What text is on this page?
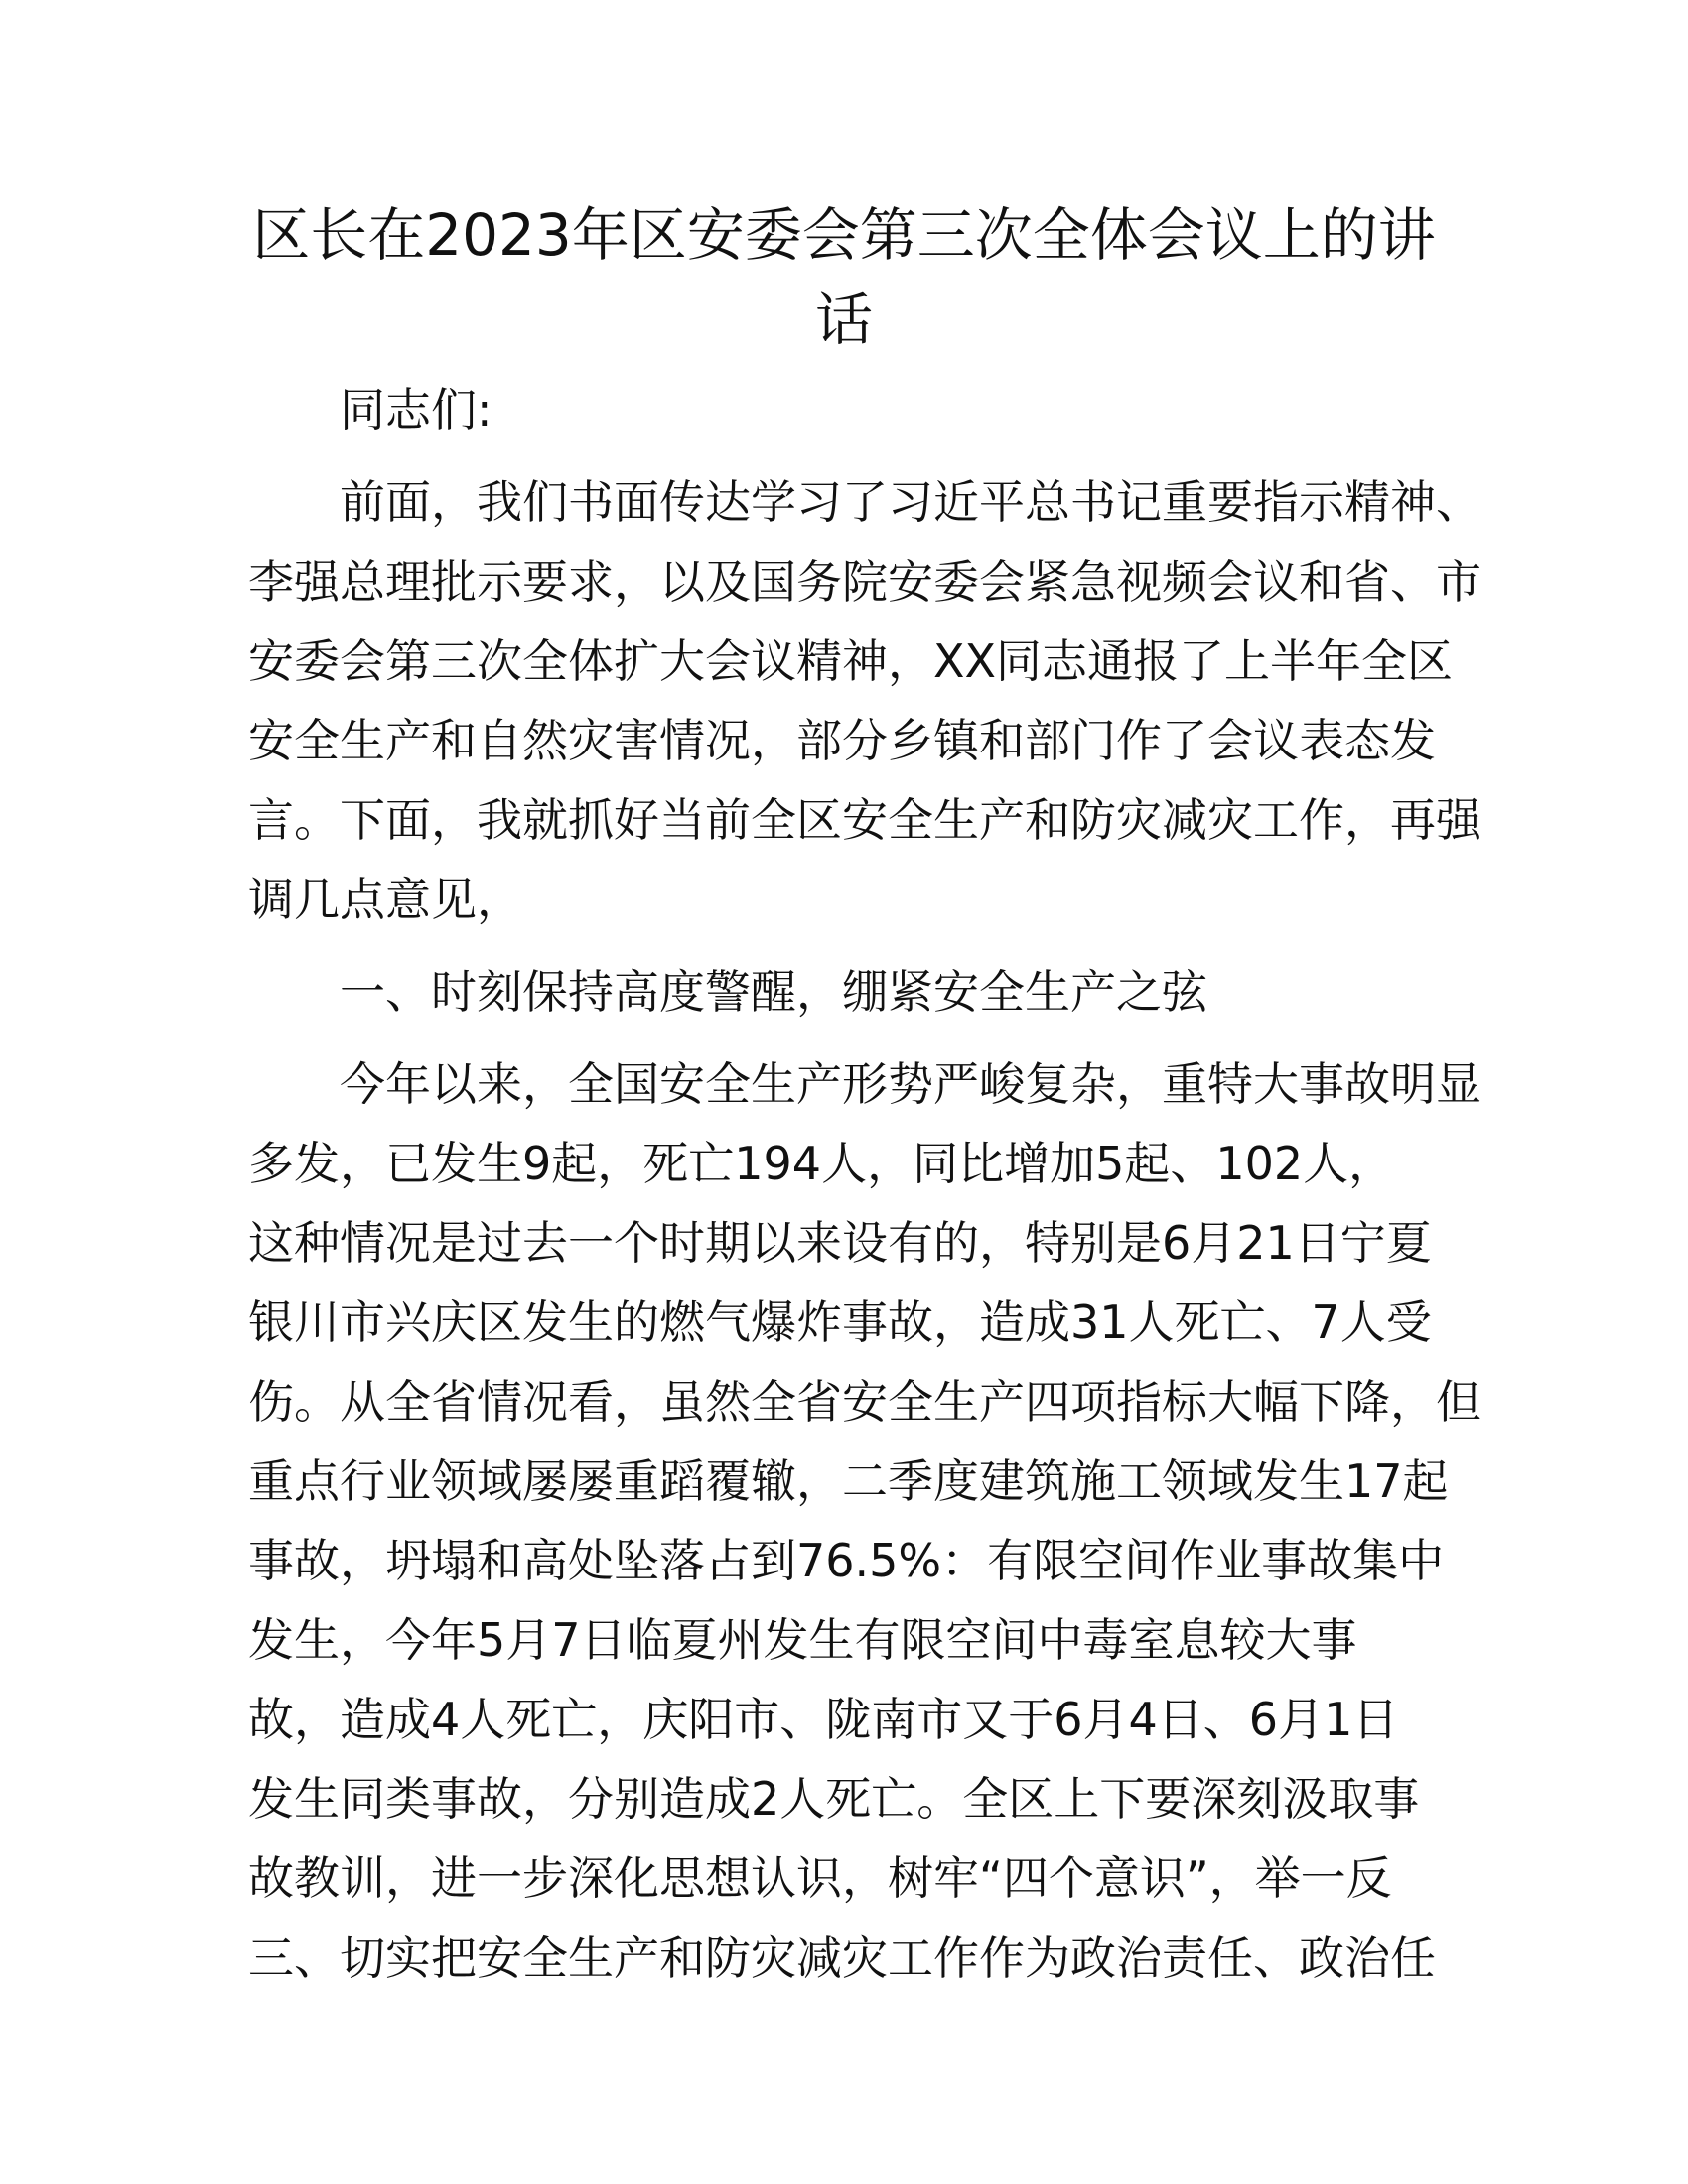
区长在2023年区安委会第三次全体会议上的讲
话
同志们:
前面，我们书面传达学习了习近平总书记重要指示精神、
李强总理批示要求，以及国务院安委会紧急视频会议和省、市
安委会第三次全体扩大会议精神，XX同志通报了上半年全区
安全生产和自然灾害情况，部分乡镇和部门作了会议表态发
言。下面，我就抓好当前全区安全生产和防灾减灾工作，再强
调几点意见，
一、时刻保持高度警醒，绷紧安全生产之弦
今年以来，全国安全生产形势严峻复杂，重特大事故明显
多发，已发生9起，死亡194人，同比增加5起、102人，
这种情况是过去一个时期以来设有的，特别是6月21日宁夏
银川市兴庆区发生的燃气爆炸事故，造成31人死亡、7人受
伤。从全省情况看，虽然全省安全生产四项指标大幅下降，但
重点行业领域屡屡重蹈覆辙，二季度建筑施工领域发生17起
事故，坍塌和高处坠落占到76.5%：有限空间作业事故集中
发生，今年5月7日临夏州发生有限空间中毒室息较大事
故，造成4人死亡，庆阳市、陇南市又于6月4日、6月1日
发生同类事故，分别造成2人死亡。全区上下要深刻汲取事
故教训，进一步深化思想认识，树牢“四个意识”，举一反
三、切实把安全生产和防灾减灾工作作为政治责任、政治任
